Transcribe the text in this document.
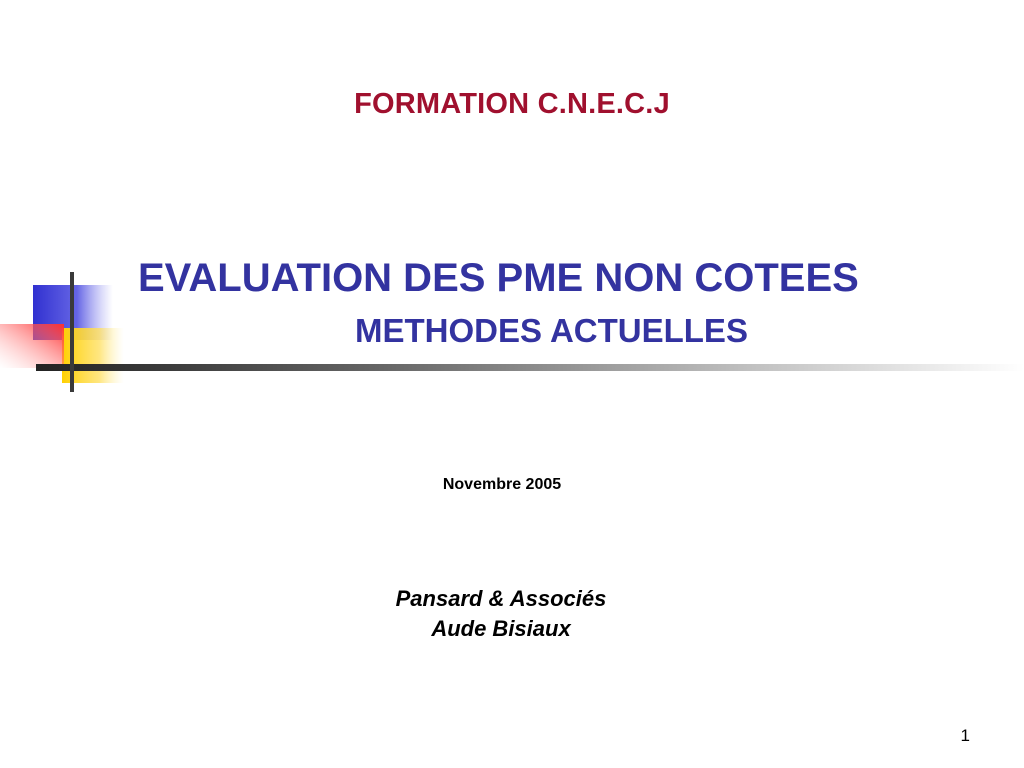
FORMATION C.N.E.C.J
EVALUATION DES PME NON COTEES
METHODES ACTUELLES
Novembre 2005
Pansard & Associés
Aude Bisiaux
1
